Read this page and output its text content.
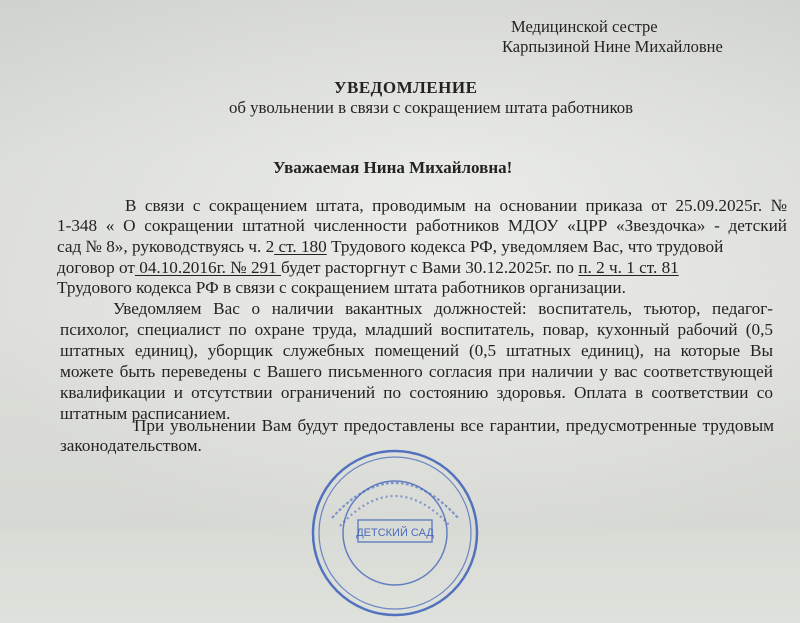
Медицинской сестре
Карпызиной Нине Михайловне
УВЕДОМЛЕНИЕ
об увольнении в связи с сокращением штата работников
Уважаемая Нина Михайловна!
В связи с сокращением штата, проводимым на основании приказа от 25.09.2025г. №
1-348 « О сокращении штатной численности работников МДОУ «ЦРР «Звездочка» - детский
сад № 8», руководствуясь ч. 2 ст. 180 Трудового кодекса РФ, уведомляем Вас, что трудовой
договор от 04.10.2016г. № 291 будет расторгнут с Вами 30.12.2025г. по п. 2 ч. 1 ст. 81
Трудового кодекса РФ в связи с сокращением штата работников организации.
Уведомляем Вас о наличии вакантных должностей: воспитатель, тьютор, педагог-
психолог, специалист по охране труда, младший воспитатель, повар, кухонный рабочий (0,5
штатных единиц), уборщик служебных помещений (0,5 штатных единиц), на которые Вы
можете быть переведены с Вашего письменного согласия при наличии у вас соответствующей
квалификации и отсутствии ограничений по состоянию здоровья. Оплата в соответствии со
штатным расписанием.
При увольнении Вам будут предоставлены все гарантии, предусмотренные трудовым
законодательством.
ДЕТСКИЙ САД
